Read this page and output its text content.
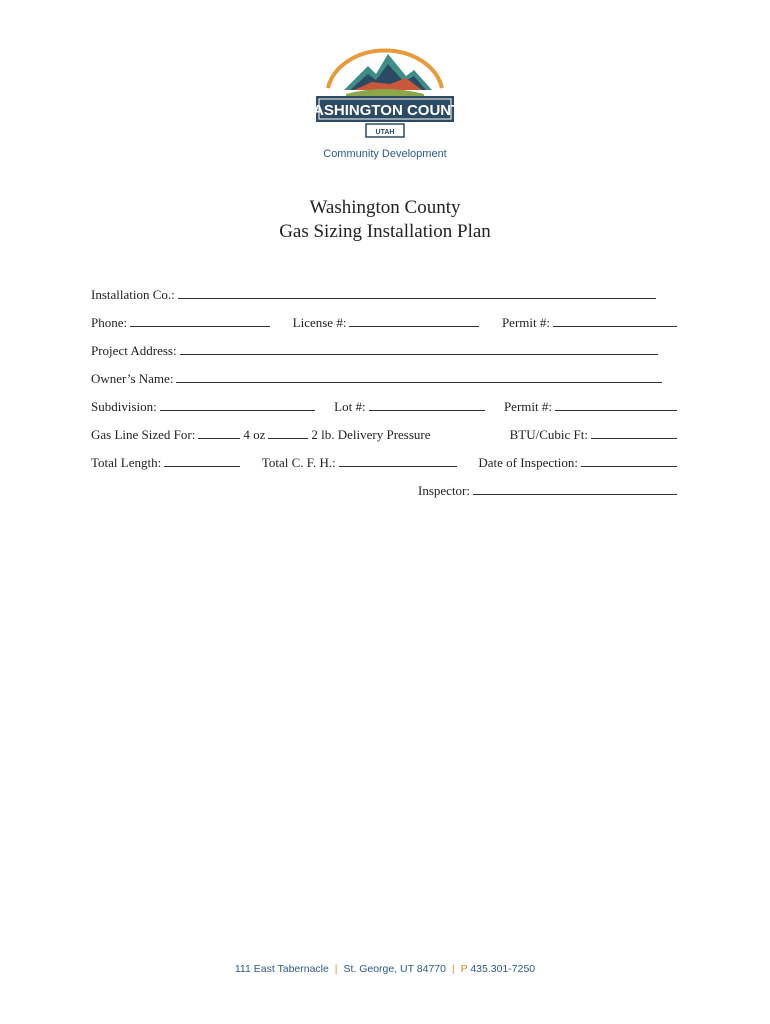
WASHINGTON COUNTY
UTAH
Community Development
Washington County
Gas Sizing Installation Plan
Installation Co.:
Phone:	License #:	Permit #:
Project Address:
Owner’s Name:
Subdivision:	Lot #:	Permit #:
Gas Line Sized For:	4 oz	2 lb. Delivery Pressure	BTU/Cubic Ft:
Total Length:	Total C. F. H.:	Date of Inspection:
Inspector:
111 East Tabernacle | St. George, UT 84770 | P 435.301-7250
